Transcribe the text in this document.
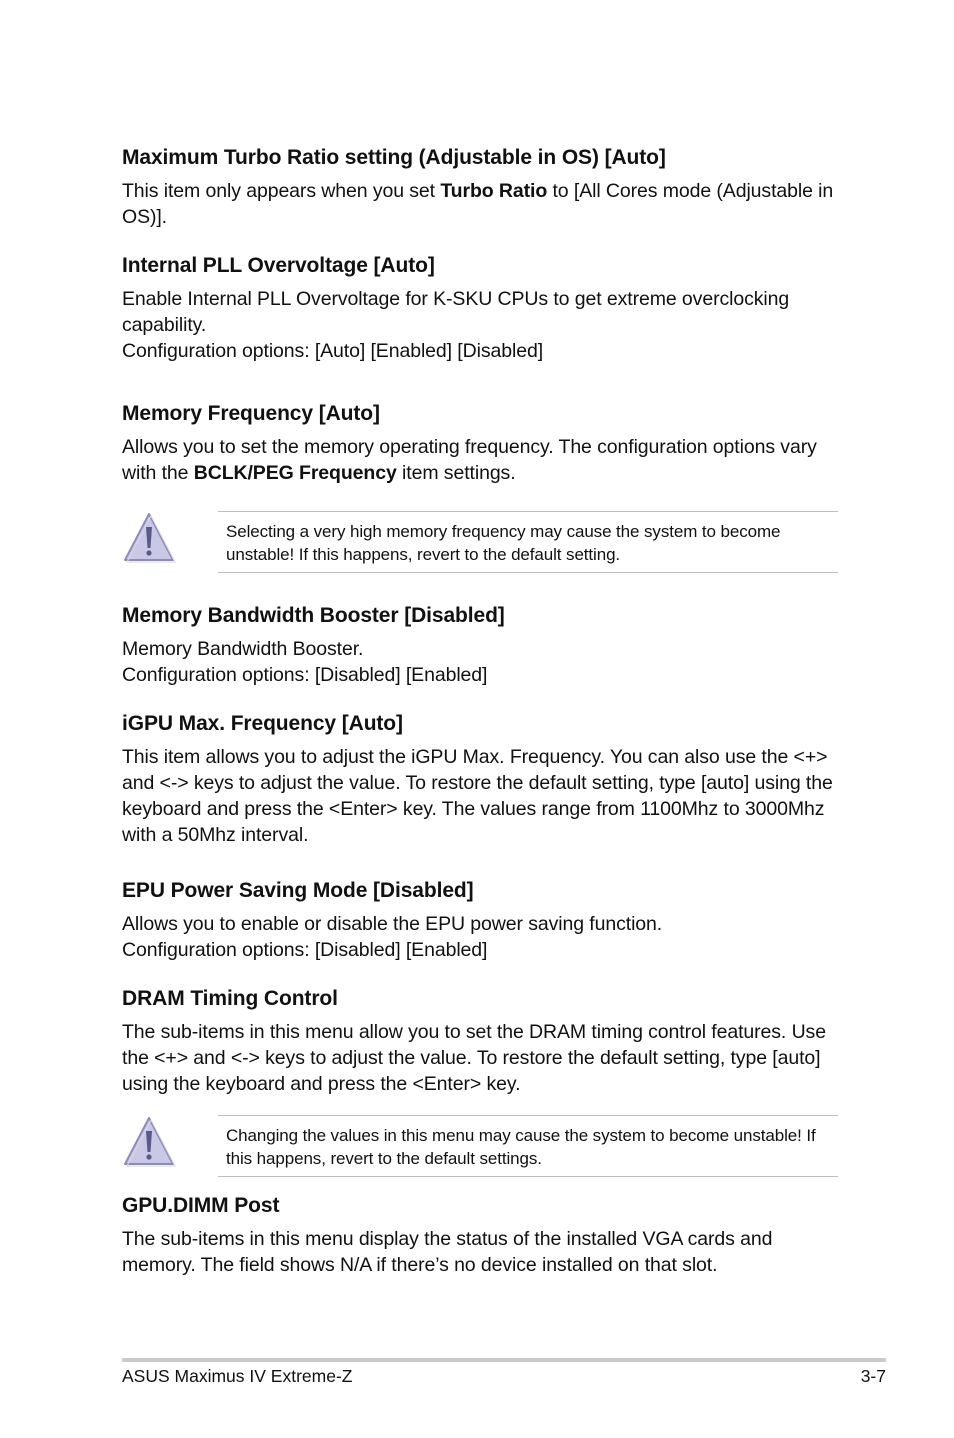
Maximum Turbo Ratio setting (Adjustable in OS) [Auto]
This item only appears when you set Turbo Ratio to [All Cores mode (Adjustable in OS)].
Internal PLL Overvoltage [Auto]

Enable Internal PLL Overvoltage for K-SKU CPUs to get extreme overclocking capability.

Configuration options: [Auto] [Enabled] [Disabled]

Memory Frequency [Auto]
Allows you to set the memory operating frequency. The configuration options vary with the BCLK/PEG Frequency item settings.
Selecting a very high memory frequency may cause the system to become unstable! If this happens, revert to the default setting.
Memory Bandwidth Booster [Disabled]

Memory Bandwidth Booster.

Configuration options: [Disabled] [Enabled]

iGPU Max. Frequency [Auto]

This item allows you to adjust the iGPU Max. Frequency. You can also use the <+> and <-> keys to adjust the value. To restore the default setting, type [auto] using the keyboard and press the <Enter> key. The values range from 1100Mhz to 3000Mhz with a 50Mhz interval.

EPU Power Saving Mode [Disabled]

Allows you to enable or disable the EPU power saving function.

Configuration options: [Disabled] [Enabled]

DRAM Timing Control

The sub-items in this menu allow you to set the DRAM timing control features. Use the <+> and <-> keys to adjust the value. To restore the default setting, type [auto] using the keyboard and press the <Enter> key.

Changing the values in this menu may cause the system to become unstable! If this happens, revert to the default settings.
GPU.DIMM Post

The sub-items in this menu display the status of the installed VGA cards and memory. The field shows N/A if there’s no device installed on that slot.

ASUS Maximus IV Extreme-Z	3-7
